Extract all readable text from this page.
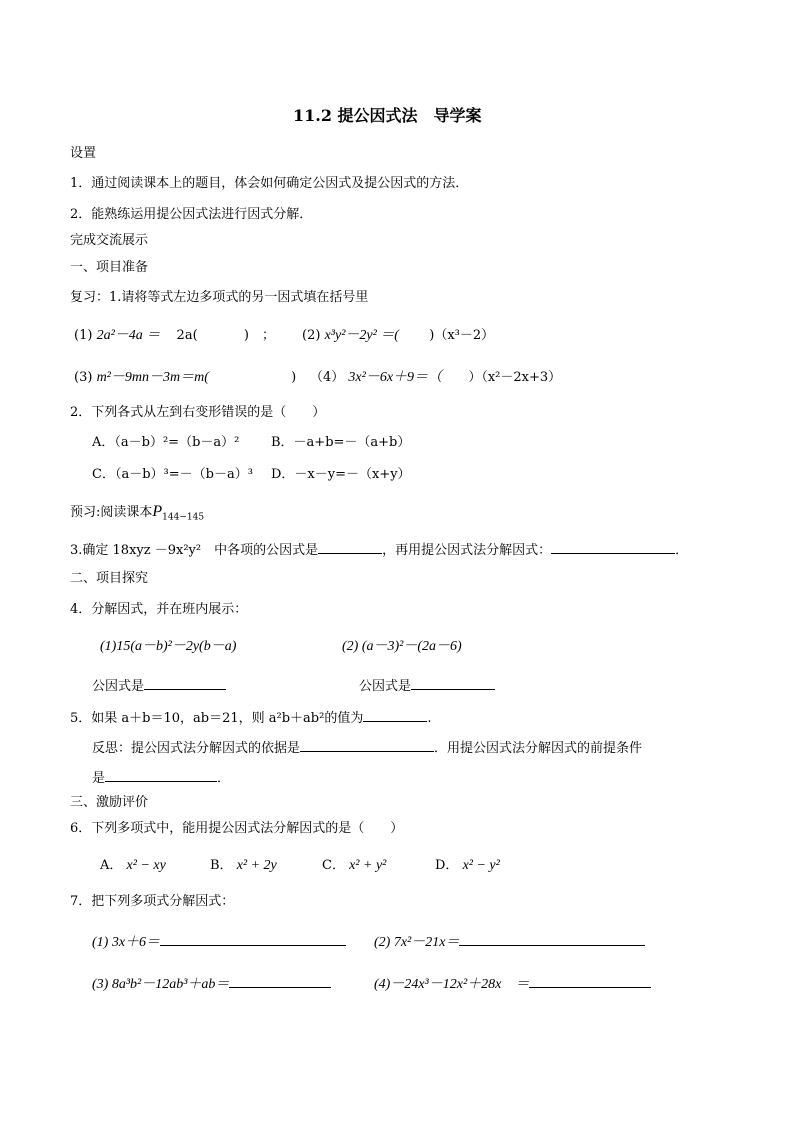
11.2 提公因式法　导学案
设置
1．通过阅读课本上的题目，体会如何确定公因式及提公因式的方法．
2．能熟练运用提公因式法进行因式分解．
完成交流展示
一、项目准备
复习：1.请将等式左边多项式的另一因式填在括号里
(1) 2a²－4a ＝ 2a(	)　； (2) x³y²－2y² ＝( )（x³－2）
(3) m²－9mn－3m＝m(	) （4） 3x²－6x＋9＝（ ）（x²－2x+3）
2．下列各式从左到右变形错误的是（　　）
A．（a－b）²=（b－a）² B．－a+b=－（a+b）
C．（a－b）³=－（b－a）³ D．－x－y=－（x+y）
预习:阅读课本$P_{144-145}$
3.确定 18xyz －9x²y²　中各项的公因式是	，再用提公因式法分解因式：	．
二、项目探究
4．分解因式，并在班内展示：
(1)15(a－b)²－2y(b－a)	(2) (a－3)²－(2a－6)
公因式是	公因式是
5．如果 a＋b＝10，ab＝21，则 a²b＋ab²的值为	.
反思：提公因式法分解因式的依据是	．用提公因式法分解因式的前提条件
是	．
三、激励评价
6．下列多项式中，能用提公因式法分解因式的是（　　）
A． x² − xy	B． x² + 2y	C． x² + y²	D． x² − y²
7．把下列多项式分解因式：
(1) 3x＋6＝	(2) 7x²－21x＝
(3) 8a³b²－12ab³＋ab＝	(4)－24x³－12x²＋28x　＝
